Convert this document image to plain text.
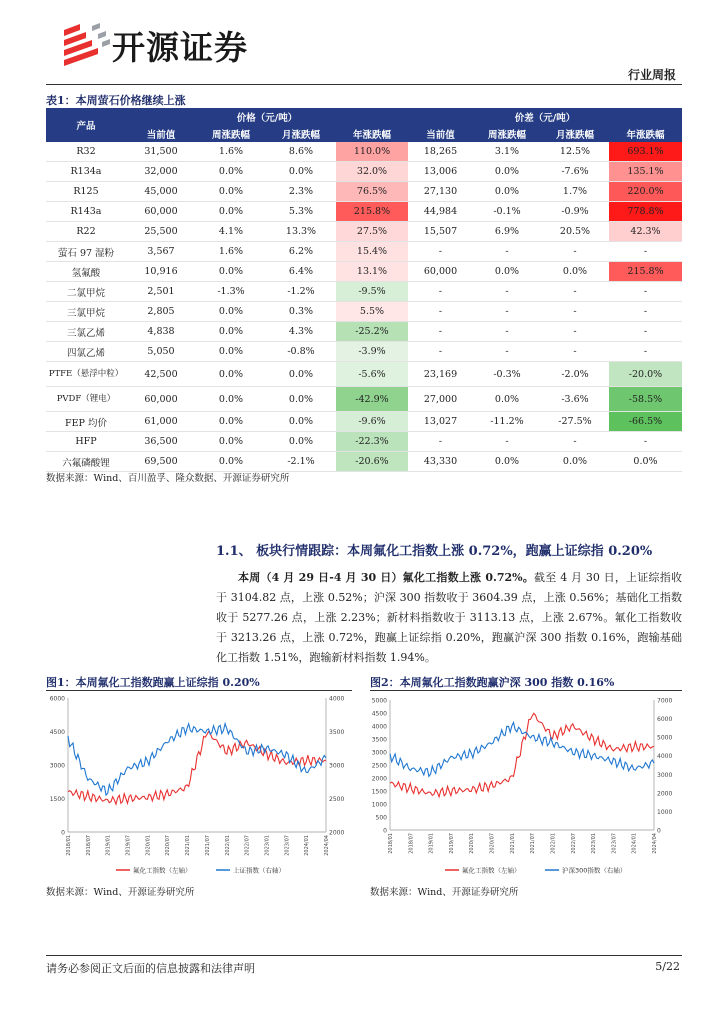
开源证券
行业周报
表1：本周萤石价格继续上涨
产品	价格（元/吨）				价差（元/吨）			
	当前值	周涨跌幅	月涨跌幅	年涨跌幅	当前值	周涨跌幅	月涨跌幅	年涨跌幅
R32	31,500	1.6%	8.6%	110.0%	18,265	3.1%	12.5%	693.1%
R134a	32,000	0.0%	0.0%	32.0%	13,006	0.0%	-7.6%	135.1%
R125	45,000	0.0%	2.3%	76.5%	27,130	0.0%	1.7%	220.0%
R143a	60,000	0.0%	5.3%	215.8%	44,984	-0.1%	-0.9%	778.8%
R22	25,500	4.1%	13.3%	27.5%	15,507	6.9%	20.5%	42.3%
萤石 97 湿粉	3,567	1.6%	6.2%	15.4%	-	-	-	-
氢氟酸	10,916	0.0%	6.4%	13.1%	60,000	0.0%	0.0%	215.8%
二氯甲烷	2,501	-1.3%	-1.2%	-9.5%	-	-	-	-
三氯甲烷	2,805	0.0%	0.3%	5.5%	-	-	-	-
三氯乙烯	4,838	0.0%	4.3%	-25.2%	-	-	-	-
四氯乙烯	5,050	0.0%	-0.8%	-3.9%	-	-	-	-
PTFE（悬浮中粒）	42,500	0.0%	0.0%	-5.6%	23,169	-0.3%	-2.0%	-20.0%
PVDF（锂电）	60,000	0.0%	0.0%	-42.9%	27,000	0.0%	-3.6%	-58.5%
FEP 均价	61,000	0.0%	0.0%	-9.6%	13,027	-11.2%	-27.5%	-66.5%
HFP	36,500	0.0%	0.0%	-22.3%	-	-	-	-
六氟磷酸锂	69,500	0.0%	-2.1%	-20.6%	43,330	0.0%	0.0%	0.0%
数据来源：Wind、百川盈孚、隆众数据、开源证券研究所
1.1、 板块行情跟踪：本周氟化工指数上涨 0.72%，跑赢上证综指 0.20%
本周（4 月 29 日-4 月 30 日）氟化工指数上涨 0.72%。截至 4 月 30 日，上证综指收于 3104.82 点，上涨 0.52%；沪深 300 指数收于 3604.39 点，上涨 0.56%；基础化工指数收于 5277.26 点，上涨 2.23%；新材料指数收于 3113.13 点，上涨 2.67%。氟化工指数收于 3213.26 点，上涨 0.72%，跑赢上证综指 0.20%，跑赢沪深 300 指数 0.16%，跑输基础化工指数 1.51%，跑输新材料指数 1.94%。
图1：本周氟化工指数跑赢上证综指 0.20%
0
1500
3000
4500
6000
2000
2500
3000
3500
4000
2018/01	2018/07	2019/01	2019/07	2020/01	2020/07	2021/01	2021/07	2022/01	2022/07	2023/01	2023/07	2024/01	2024/04
氟化工指数（左轴）	上证指数（右轴）
数据来源：Wind、开源证券研究所
图2：本周氟化工指数跑赢沪深 300 指数 0.16%
0
500
1000
1500
2000
2500
3000
3500
4000
4500
5000
0
1000
2000
3000
4000
5000
6000
7000
2018/01	2018/07	2019/01	2019/07	2020/01	2020/07	2021/01	2021/07	2022/01	2022/07	2023/01	2023/07	2024/01	2024/04
氟化工指数（左轴）	沪深300指数（右轴）
数据来源：Wind、开源证券研究所
请务必参阅正文后面的信息披露和法律声明	5/22
